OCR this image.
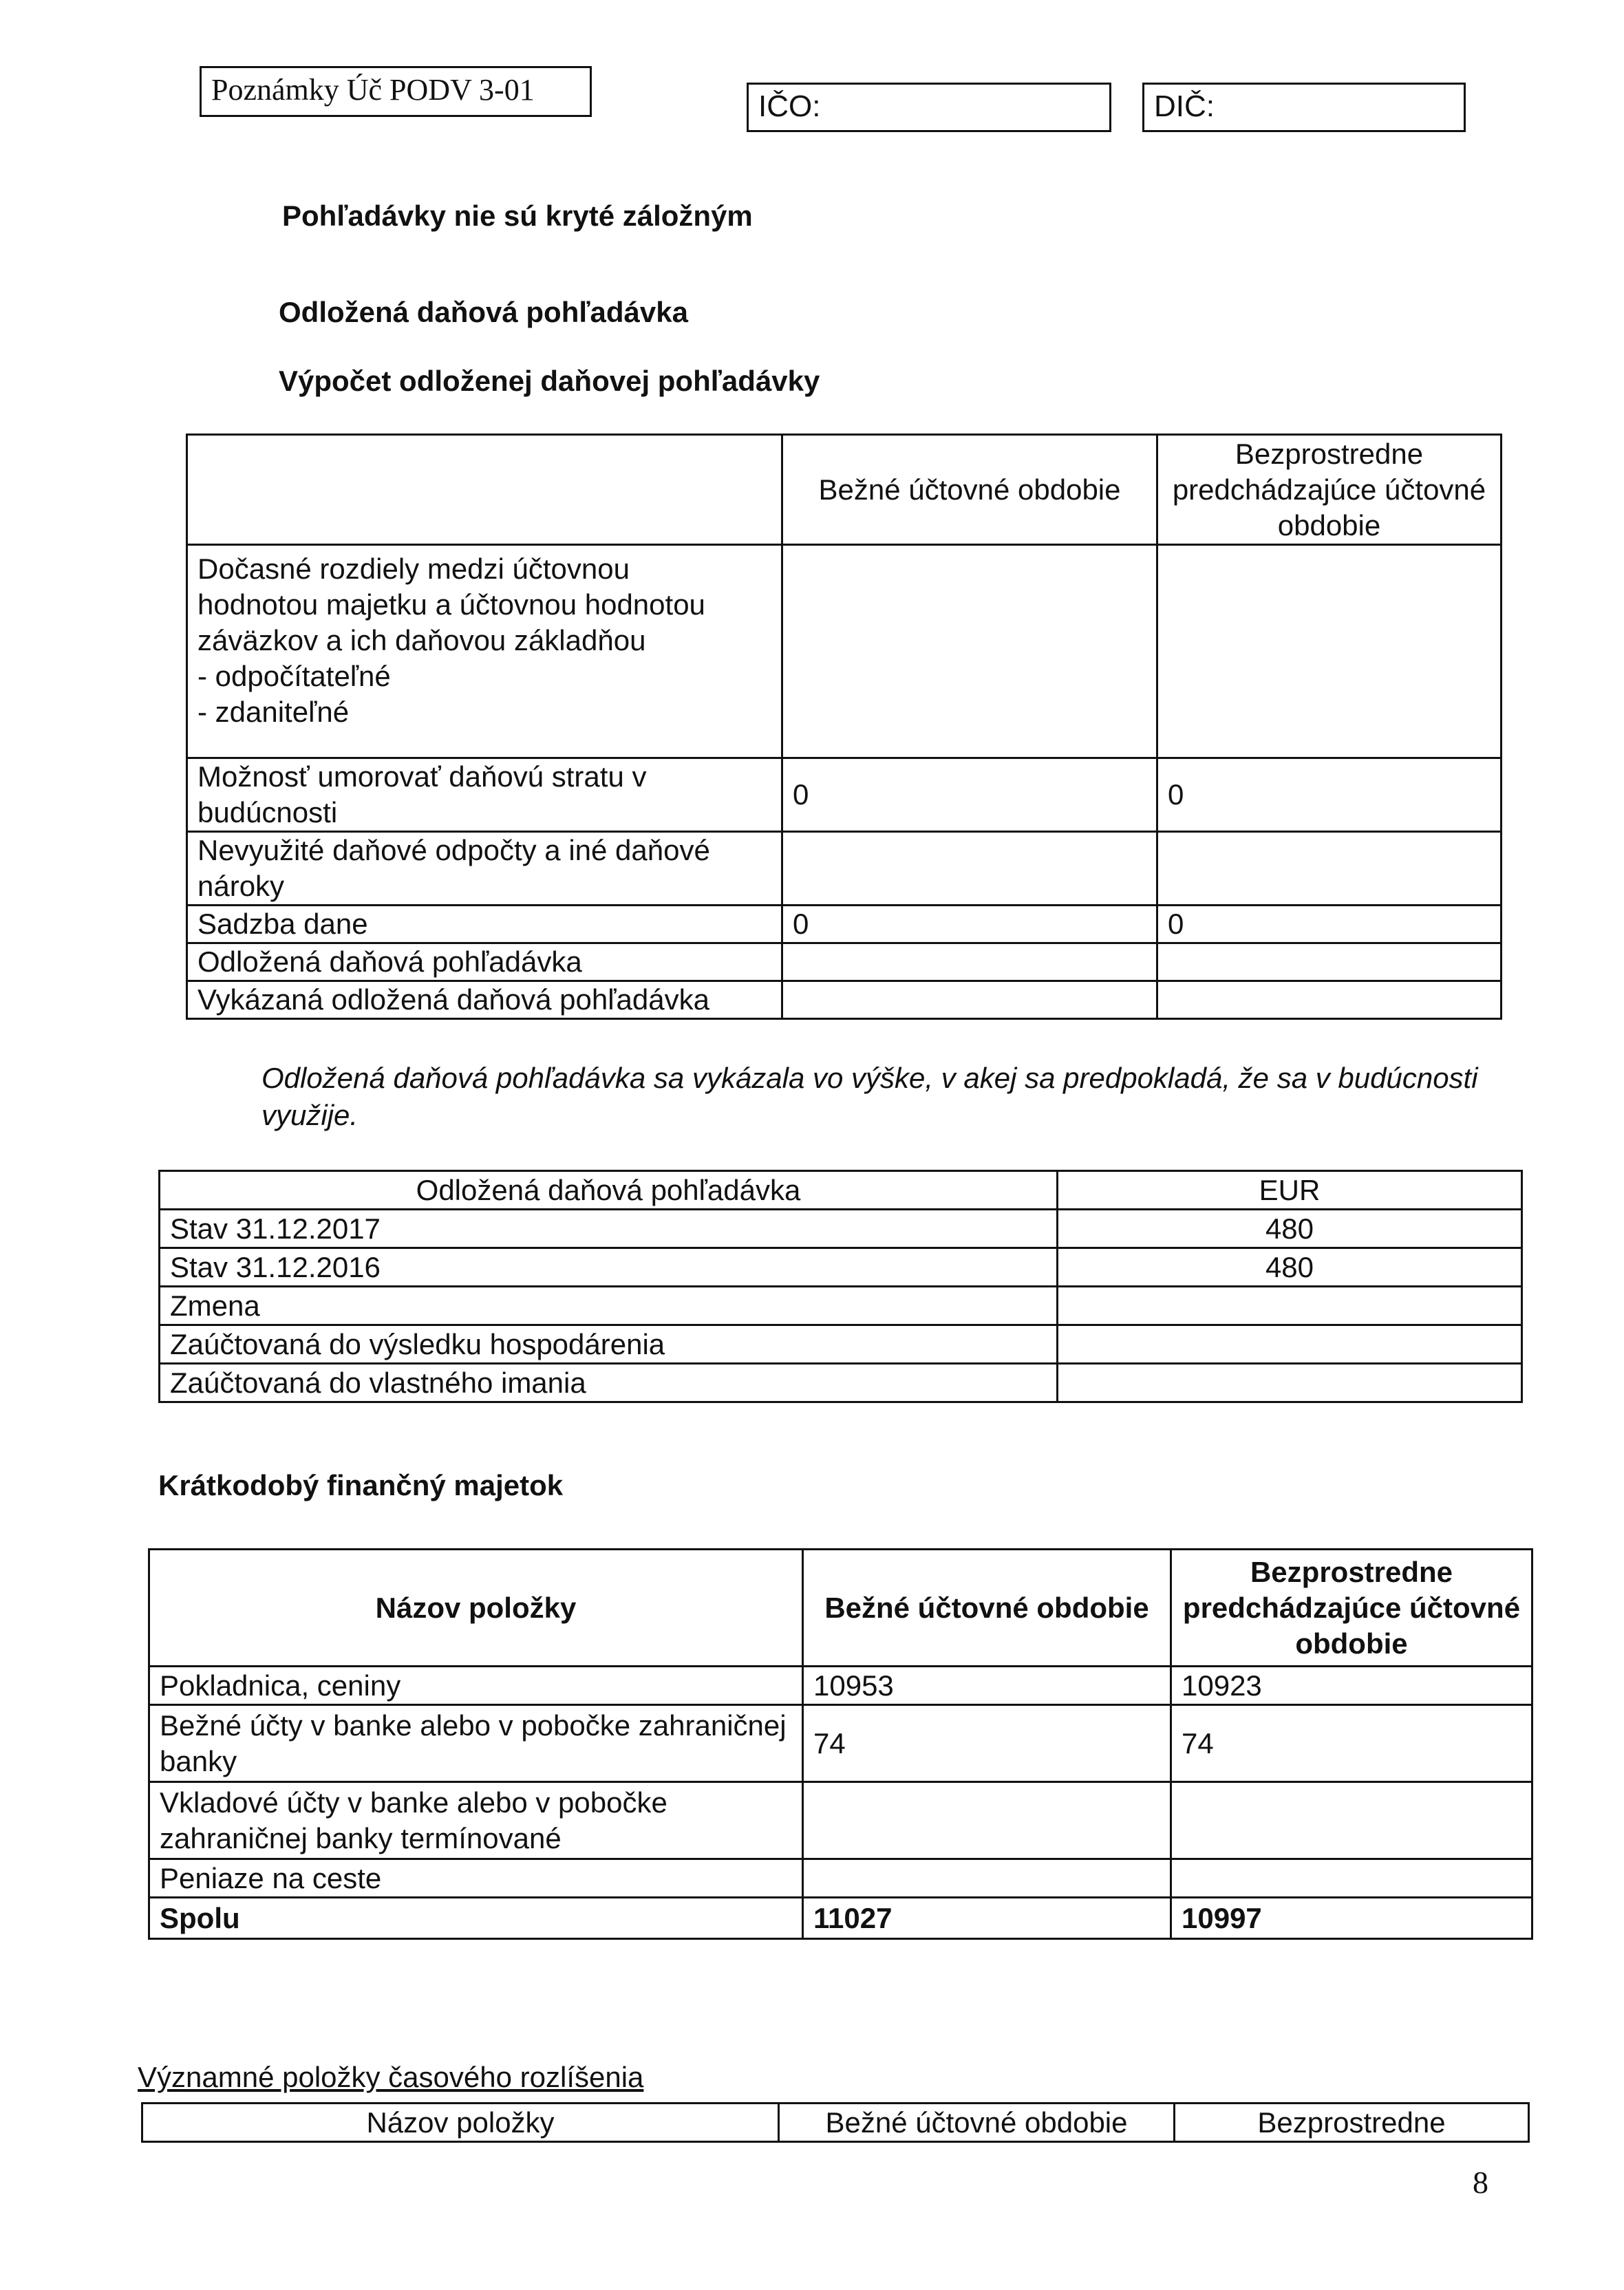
Poznámky Úč PODV 3-01	IČO:	DIČ:
Pohľadávky nie sú kryté záložným
Odložená daňová pohľadávka
Výpočet odloženej daňovej pohľadávky
	Bežné účtovné obdobie	Bezprostredne predchádzajúce účtovné obdobie

Dočasné rozdiely medzi účtovnou
hodnotou majetku a účtovnou hodnotou
záväzkov a ich daňovou základňou
- odpočítateľné
- zdaniteľné		

Možnosť umorovať daňovú stratu v budúcnosti	0	0
Nevyužité daňové odpočty a iné daňové nároky		
Sadzba dane	0	0
Odložená daňová pohľadávka		
Vykázaná odložená daňová pohľadávka		
Odložená daňová pohľadávka sa vykázala vo výške, v akej sa predpokladá, že sa v budúcnosti využije.
Odložená daňová pohľadávka	EUR
Stav 31.12.2017	480
Stav 31.12.2016	480
Zmena	
Zaúčtovaná do výsledku hospodárenia	
Zaúčtovaná do vlastného imania	
Krátkodobý finančný majetok
Názov položky	Bežné účtovné obdobie	Bezprostredne predchádzajúce účtovné obdobie
Pokladnica, ceniny	10953	10923
Bežné účty v banke alebo v pobočke zahraničnej banky	74	74
Vkladové účty v banke alebo v pobočke zahraničnej banky termínované		
Peniaze na ceste		
Spolu	11027	10997
Významné položky časového rozlíšenia
Názov položky	Bežné účtovné obdobie	Bezprostredne
8
